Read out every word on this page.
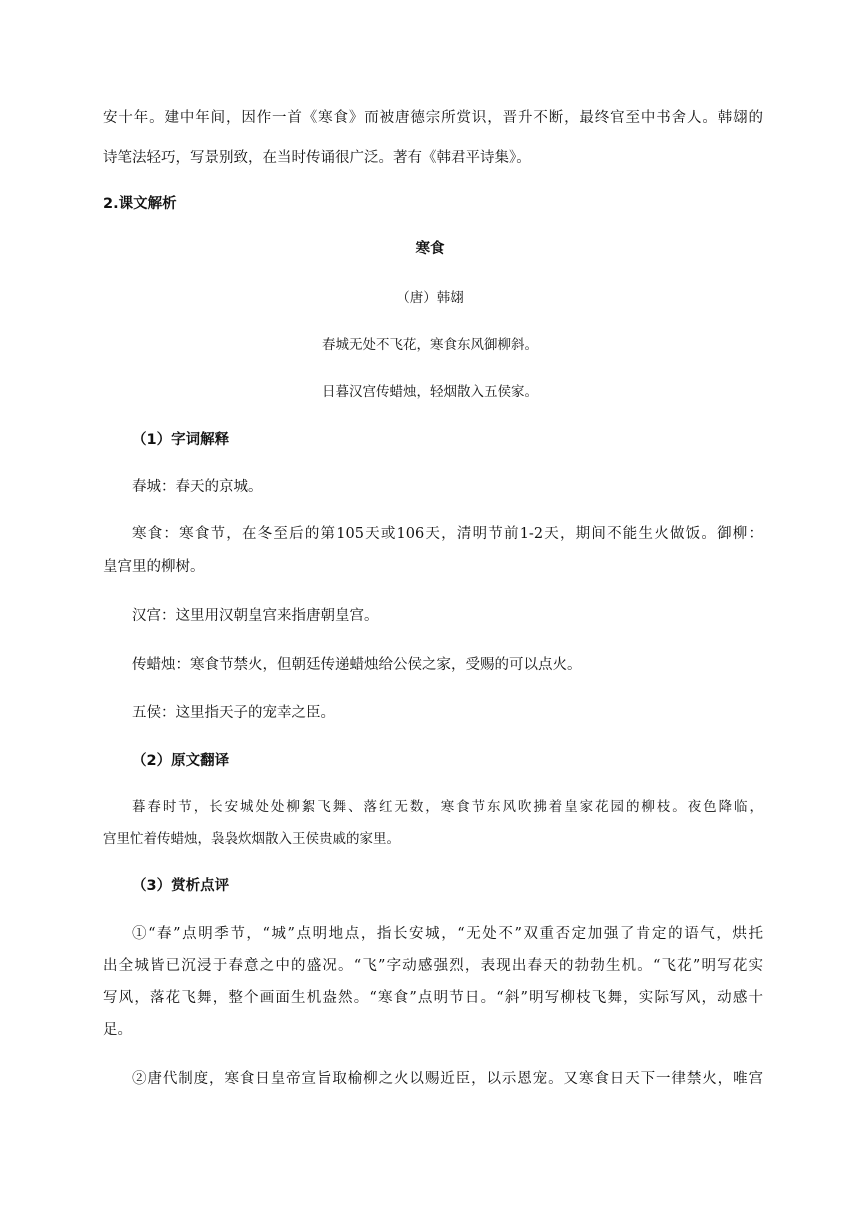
安十年。建中年间，因作一首《寒食》而被唐德宗所赏识，晋升不断，最终官至中书舍人。韩翃的
诗笔法轻巧，写景别致，在当时传诵很广泛。著有《韩君平诗集》。
2.课文解析
寒食
（唐）韩翃
春城无处不飞花，寒食东风御柳斜。
日暮汉宫传蜡烛，轻烟散入五侯家。
（1）字词解释
春城：春天的京城。
寒食：寒食节，在冬至后的第105天或106天，清明节前1-2天，期间不能生火做饭。御柳：
皇宫里的柳树。
汉宫：这里用汉朝皇宫来指唐朝皇宫。
传蜡烛：寒食节禁火，但朝廷传递蜡烛给公侯之家，受赐的可以点火。
五侯：这里指天子的宠幸之臣。
（2）原文翻译
暮春时节，长安城处处柳絮飞舞、落红无数，寒食节东风吹拂着皇家花园的柳枝。夜色降临，
宫里忙着传蜡烛，袅袅炊烟散入王侯贵戚的家里。
（3）赏析点评
①“春”点明季节，“城”点明地点，指长安城，“无处不”双重否定加强了肯定的语气，烘托
出全城皆已沉浸于春意之中的盛况。“飞”字动感强烈，表现出春天的勃勃生机。“飞花”明写花实
写风，落花飞舞，整个画面生机盎然。“寒食”点明节日。“斜”明写柳枝飞舞，实际写风，动感十
足。
②唐代制度，寒食日皇帝宣旨取榆柳之火以赐近臣，以示恩宠。又寒食日天下一律禁火，唯宫
